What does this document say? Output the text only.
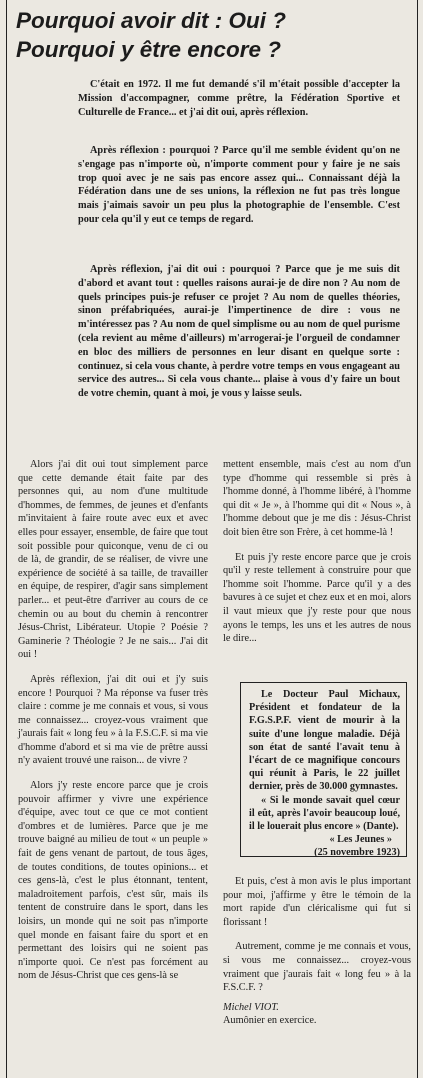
Pourquoi avoir dit : Oui ?
Pourquoi y être encore ?

C'était en 1972. Il me fut demandé s'il m'était possible d'accepter la Mission d'accompagner, comme prêtre, la Fédération Sportive et Culturelle de France... et j'ai dit oui, après réflexion.

Après réflexion : pourquoi ? Parce qu'il me semble évident qu'on ne s'engage pas n'importe où, n'importe comment pour y faire je ne sais trop quoi avec je ne sais pas encore assez qui... Connaissant déjà la Fédération dans une de ses unions, la réflexion ne fut pas très longue mais j'aimais savoir un peu plus la photographie de l'ensemble. C'est pour cela qu'il y eut ce temps de regard.

Après réflexion, j'ai dit oui : pourquoi ? Parce que je me suis dit d'abord et avant tout : quelles raisons aurai-je de dire non ? Au nom de quels principes puis-je refuser ce projet ? Au nom de quelles théories, sinon préfabriquées, aurai-je l'impertinence de dire : vous ne m'intéressez pas ? Au nom de quel simplisme ou au nom de quel purisme (cela revient au même d'ailleurs) m'arrogerai-je l'orgueil de condamner en bloc des milliers de personnes en leur disant en quelque sorte : continuez, si cela vous chante, à perdre votre temps en vous engageant au service des autres... Si cela vous chante... plaise à vous d'y faire un bout de votre chemin, quant à moi, je vous y laisse seuls.

Alors j'ai dit oui tout simplement parce que cette demande était faite par des personnes qui, au nom d'une multitude d'hommes, de femmes, de jeunes et d'enfants m'invitaient à faire route avec eux et avec elles pour essayer, ensemble, de faire que tout soit possible pour quiconque, venu de ci ou de là, de grandir, de se réaliser, de vivre une expérience de société à sa taille, de travailler en équipe, de respirer, d'agir sans simplement parler... et peut-être d'arriver au cours de ce chemin ou au bout du chemin à rencontrer Jésus-Christ, Libérateur. Utopie ? Poésie ? Gaminerie ? Théologie ? Je ne sais... J'ai dit oui !

Après réflexion, j'ai dit oui et j'y suis encore ! Pourquoi ? Ma réponse va fuser très claire : comme je me connais et vous, si vous me connaissez... croyez-vous vraiment que j'aurais fait « long feu » à la F.S.C.F. si ma vie d'homme d'abord et si ma vie de prêtre aussi n'y avaient trouvé une raison... de vivre ?

Alors j'y reste encore parce que je crois pouvoir affirmer y vivre une expérience d'équipe, avec tout ce que ce mot contient d'ombres et de lumières. Parce que je me trouve baigné au milieu de tout « un peuple » fait de gens venant de partout, de tous âges, de toutes conditions, de toutes opinions... et ces gens-là, c'est le plus étonnant, tentent, maladroitement parfois, c'est sûr, mais ils tentent de construire dans le sport, dans les loisirs, un monde qui ne soit pas n'importe quel monde en faisant faire du sport et en permettant des loisirs qui ne soient pas n'importe quoi. Ce n'est pas forcément au nom de Jésus-Christ que ces gens-là se

mettent ensemble, mais c'est au nom d'un type d'homme qui ressemble si près à l'homme donné, à l'homme libéré, à l'homme qui dit « Je », à l'homme qui dit « Nous », à l'homme debout que je me dis : Jésus-Christ doit bien être son Frère, à cet homme-là !

Et puis j'y reste encore parce que je crois qu'il y reste tellement à construire pour que l'homme soit l'homme. Parce qu'il y a des bavures à ce sujet et chez eux et en moi, alors il vaut mieux que j'y reste pour que nous ayons le temps, les uns et les autres de nous le dire...

Le Docteur Paul Michaux, Président et fondateur de la F.G.S.P.F. vient de mourir à la suite d'une longue maladie. Déjà son état de santé l'avait tenu à l'écart de ce magnifique concours qui réunit à Paris, le 22 juillet dernier, près de 30.000 gymnastes.

« Si le monde savait quel cœur il eût, après l'avoir beaucoup loué, il le louerait plus encore » (Dante).

« Les Jeunes »

(25 novembre 1923)

Et puis, c'est à mon avis le plus important pour moi, j'affirme y être le témoin de la mort rapide d'un cléricalisme qui fut si florissant !

Autrement, comme je me connais et vous, si vous me connaissez... croyez-vous vraiment que j'aurais fait « long feu » à la F.S.C.F. ?

Michel VIOT.

Aumônier en exercice.
